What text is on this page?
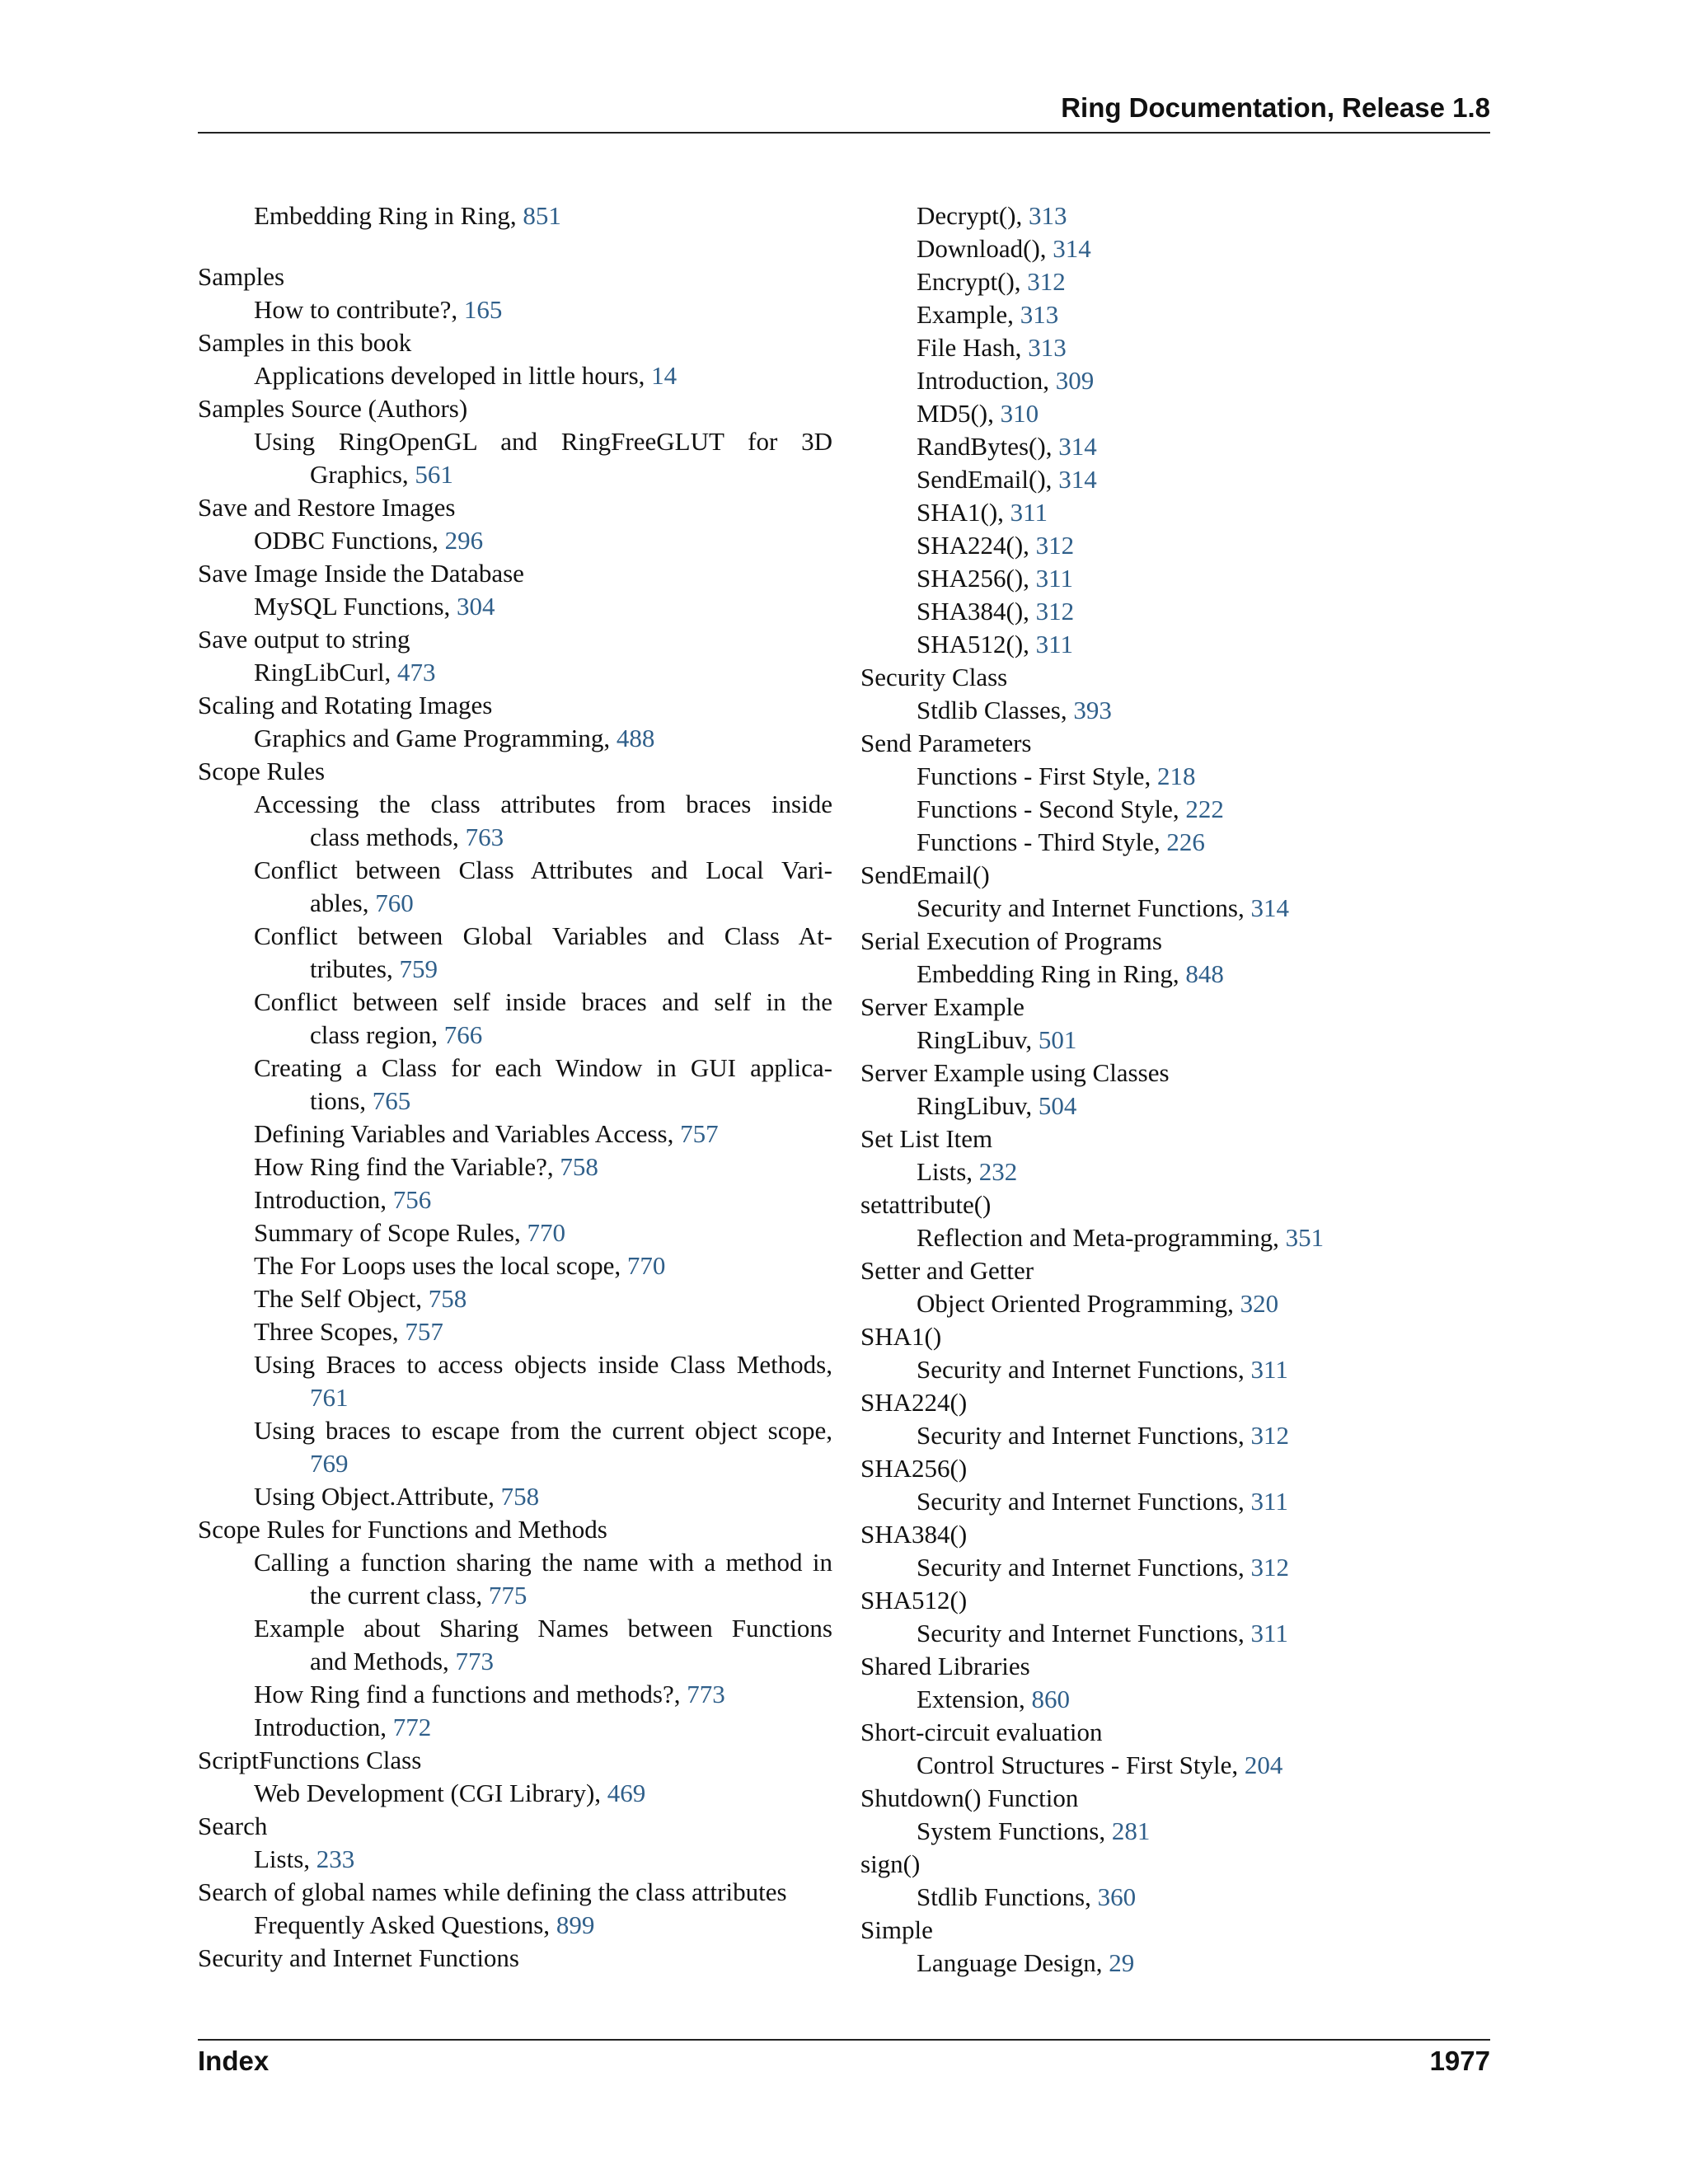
Ring Documentation, Release 1.8
Embedding Ring in Ring, 851
Samples
How to contribute?, 165
Samples in this book
Applications developed in little hours, 14
Samples Source (Authors)
Using RingOpenGL and RingFreeGLUT for 3D
Graphics, 561
Save and Restore Images
ODBC Functions, 296
Save Image Inside the Database
MySQL Functions, 304
Save output to string
RingLibCurl, 473
Scaling and Rotating Images
Graphics and Game Programming, 488
Scope Rules
Accessing the class attributes from braces inside
class methods, 763
Conflict between Class Attributes and Local Vari-
ables, 760
Conflict between Global Variables and Class At-
tributes, 759
Conflict between self inside braces and self in the
class region, 766
Creating a Class for each Window in GUI applica-
tions, 765
Defining Variables and Variables Access, 757
How Ring find the Variable?, 758
Introduction, 756
Summary of Scope Rules, 770
The For Loops uses the local scope, 770
The Self Object, 758
Three Scopes, 757
Using Braces to access objects inside Class Methods,
761
Using braces to escape from the current object scope,
769
Using Object.Attribute, 758
Scope Rules for Functions and Methods
Calling a function sharing the name with a method in
the current class, 775
Example about Sharing Names between Functions
and Methods, 773
How Ring find a functions and methods?, 773
Introduction, 772
ScriptFunctions Class
Web Development (CGI Library), 469
Search
Lists, 233
Search of global names while defining the class attributes
Frequently Asked Questions, 899
Security and Internet Functions
Decrypt(), 313
Download(), 314
Encrypt(), 312
Example, 313
File Hash, 313
Introduction, 309
MD5(), 310
RandBytes(), 314
SendEmail(), 314
SHA1(), 311
SHA224(), 312
SHA256(), 311
SHA384(), 312
SHA512(), 311
Security Class
Stdlib Classes, 393
Send Parameters
Functions - First Style, 218
Functions - Second Style, 222
Functions - Third Style, 226
SendEmail()
Security and Internet Functions, 314
Serial Execution of Programs
Embedding Ring in Ring, 848
Server Example
RingLibuv, 501
Server Example using Classes
RingLibuv, 504
Set List Item
Lists, 232
setattribute()
Reflection and Meta-programming, 351
Setter and Getter
Object Oriented Programming, 320
SHA1()
Security and Internet Functions, 311
SHA224()
Security and Internet Functions, 312
SHA256()
Security and Internet Functions, 311
SHA384()
Security and Internet Functions, 312
SHA512()
Security and Internet Functions, 311
Shared Libraries
Extension, 860
Short-circuit evaluation
Control Structures - First Style, 204
Shutdown() Function
System Functions, 281
sign()
Stdlib Functions, 360
Simple
Language Design, 29
Index	1977
